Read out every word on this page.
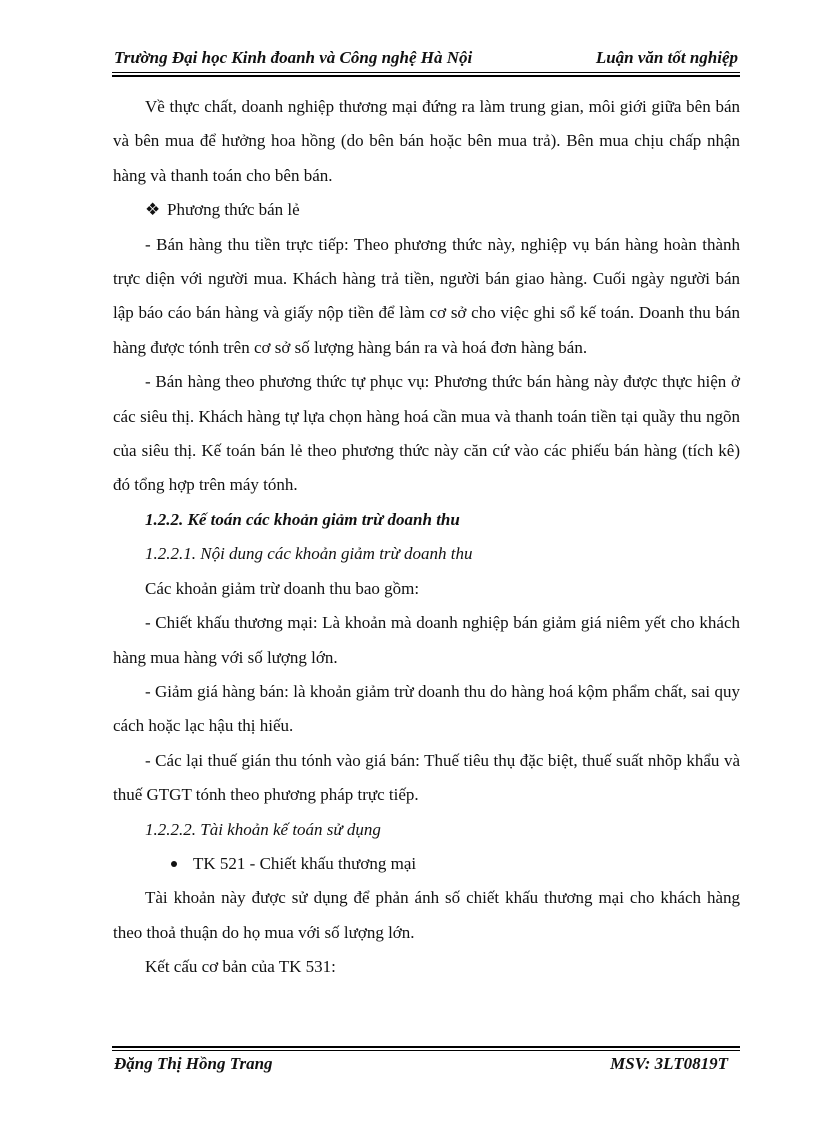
Trường Đại học Kinh đoanh và Công nghệ Hà Nội	Luận văn tốt nghiệp

Về thực chất, doanh nghiệp thương mại đứng ra làm trung gian, môi giới giữa bên bán và bên mua để hưởng hoa hồng (do bên bán hoặc bên mua trả). Bên mua chịu chấp nhận hàng và thanh toán cho bên bán.

❖ Phương thức bán lẻ

- Bán hàng thu tiền trực tiếp: Theo phương thức này, nghiệp vụ bán hàng hoàn thành trực diện với người mua. Khách hàng trả tiền, người bán giao hàng. Cuối ngày người bán lập báo cáo bán hàng và giấy nộp tiền để làm cơ sở cho việc ghi sổ kế toán. Doanh thu bán hàng được tónh trên cơ sở số lượng hàng bán ra và hoá đơn hàng bán.

- Bán hàng theo phương thức tự phục vụ: Phương thức bán hàng này được thực hiện ở các siêu thị. Khách hàng tự lựa chọn hàng hoá cần mua và thanh toán tiền tại quầy thu ngõn của siêu thị. Kế toán bán lẻ theo phương thức này căn cứ vào các phiếu bán hàng (tích kê) đó tổng hợp trên máy tónh.

1.2.2. Kế toán các khoản giảm trừ doanh thu

1.2.2.1. Nội dung các khoản giảm trừ doanh thu

Các khoản giảm trừ doanh thu bao gồm:

- Chiết khấu thương mại: Là khoản mà doanh nghiệp bán giảm giá niêm yết cho khách hàng mua hàng với số lượng lớn.

- Giảm giá hàng bán: là khoản giảm trừ doanh thu do hàng hoá kộm phẩm chất, sai quy cách hoặc lạc hậu thị hiếu.

- Các lại thuế gián thu tónh vào giá bán: Thuế tiêu thụ đặc biệt, thuế suất nhõp khẩu và thuế GTGT tónh theo phương pháp trực tiếp.

1.2.2.2. Tài khoản kế toán sử dụng

TK 521 - Chiết khấu thương mại

Tài khoản này được sử dụng để phản ánh số chiết khấu thương mại cho khách hàng theo thoả thuận do họ mua với số lượng lớn.

Kết cấu cơ bản của TK 531:

Đặng Thị Hồng Trang	MSV: 3LT0819T
